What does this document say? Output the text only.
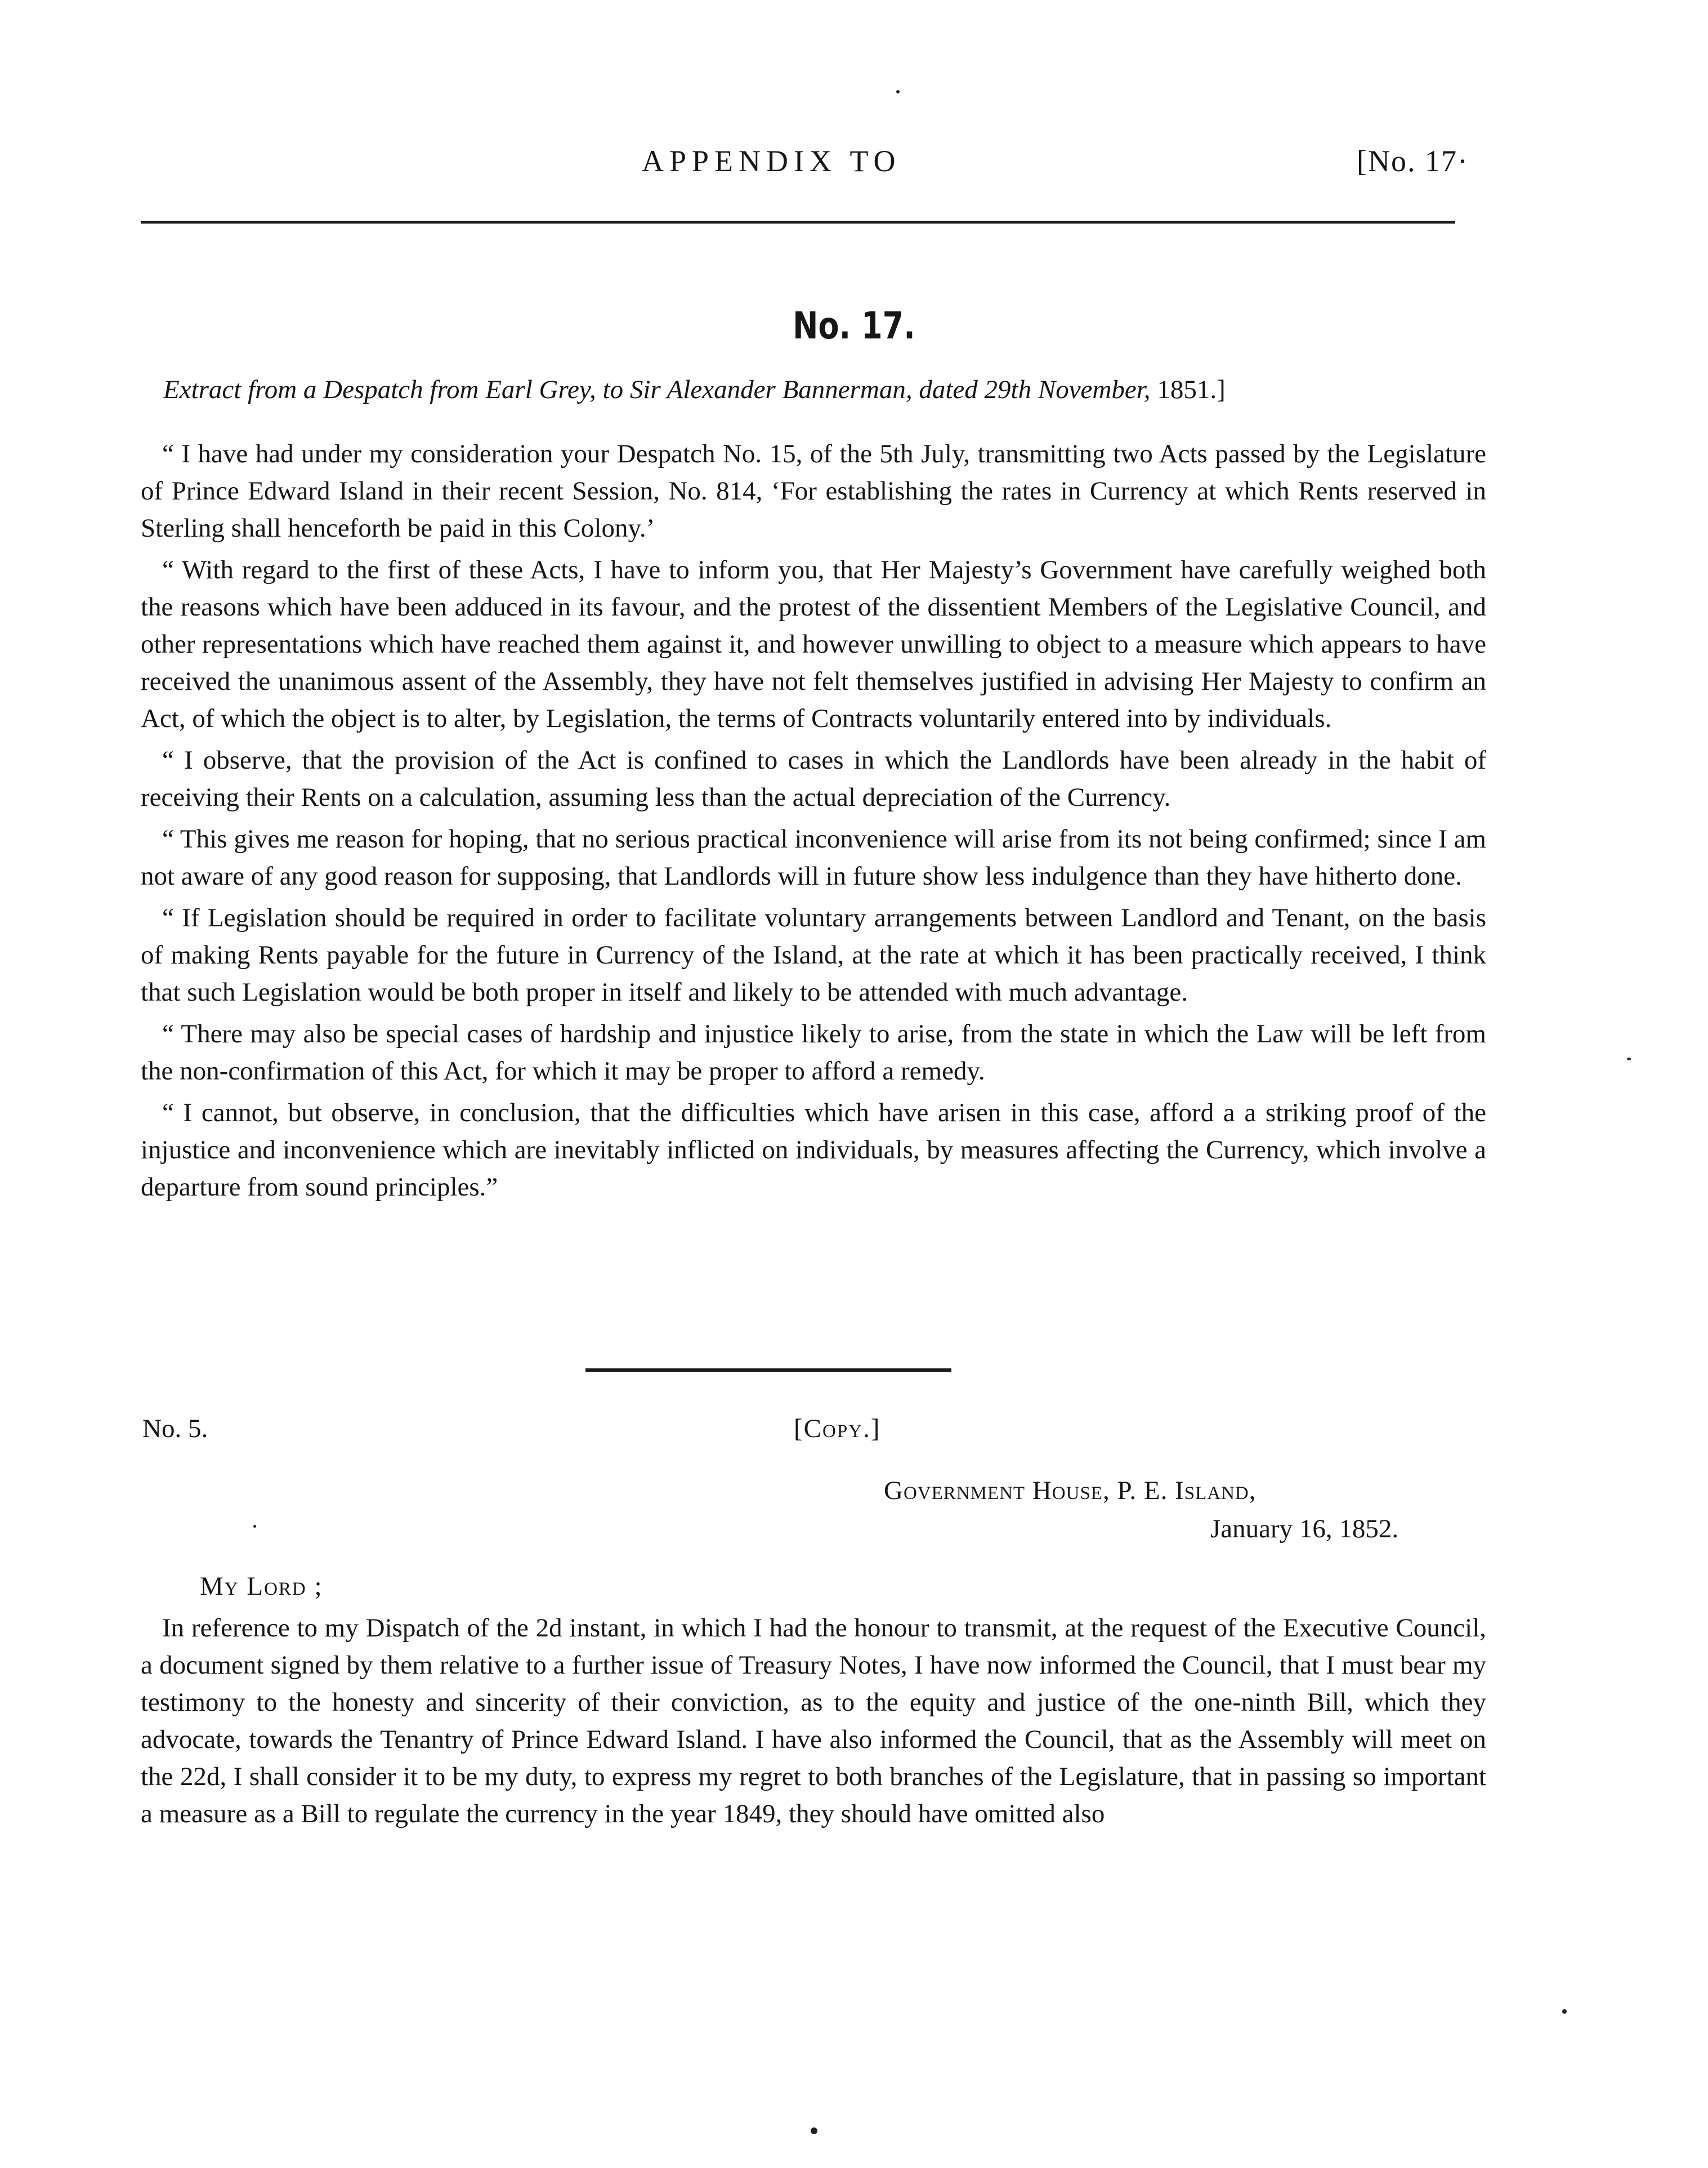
APPENDIX TO	[No. 17·
No. 17.
Extract from a Despatch from Earl Grey, to Sir Alexander Bannerman, dated 29th November, 1851.]

“ I have had under my consideration your Despatch No. 15, of the 5th July, transmitting two Acts passed by the Legislature of Prince Edward Island in their recent Session, No. 814, ‘For establishing the rates in Currency at which Rents reserved in Sterling shall henceforth be paid in this Colony.’

“ With regard to the first of these Acts, I have to inform you, that Her Majesty’s Government have carefully weighed both the reasons which have been adduced in its favour, and the protest of the dissentient Members of the Legislative Council, and other representations which have reached them against it, and however unwilling to object to a measure which appears to have received the unanimous assent of the Assembly, they have not felt themselves justified in advising Her Majesty to confirm an Act, of which the object is to alter, by Legislation, the terms of Contracts voluntarily entered into by individuals.

“ I observe, that the provision of the Act is confined to cases in which the Landlords have been already in the habit of receiving their Rents on a calculation, assuming less than the actual depreciation of the Currency.

“ This gives me reason for hoping, that no serious practical inconvenience will arise from its not being confirmed; since I am not aware of any good reason for supposing, that Landlords will in future show less indulgence than they have hitherto done.

“ If Legislation should be required in order to facilitate voluntary arrangements between Landlord and Tenant, on the basis of making Rents payable for the future in Currency of the Island, at the rate at which it has been practically received, I think that such Legislation would be both proper in itself and likely to be attended with much advantage.

“ There may also be special cases of hardship and injustice likely to arise, from the state in which the Law will be left from the non-confirmation of this Act, for which it may be proper to afford a remedy.

“ I cannot, but observe, in conclusion, that the difficulties which have arisen in this case, afford a a striking proof of the injustice and inconvenience which are inevitably inflicted on individuals, by measures affecting the Currency, which involve a departure from sound principles.”

No. 5.	[Copy.]
Government House, P. E. Island,
January 16, 1852.
My Lord ;

In reference to my Dispatch of the 2d instant, in which I had the honour to transmit, at the request of the Executive Council, a document signed by them relative to a further issue of Treasury Notes, I have now informed the Council, that I must bear my testimony to the honesty and sincerity of their conviction, as to the equity and justice of the one-ninth Bill, which they advocate, towards the Tenantry of Prince Edward Island. I have also informed the Council, that as the Assembly will meet on the 22d, I shall consider it to be my duty, to express my regret to both branches of the Legislature, that in passing so important a measure as a Bill to regulate the currency in the year 1849, they should have omitted also
